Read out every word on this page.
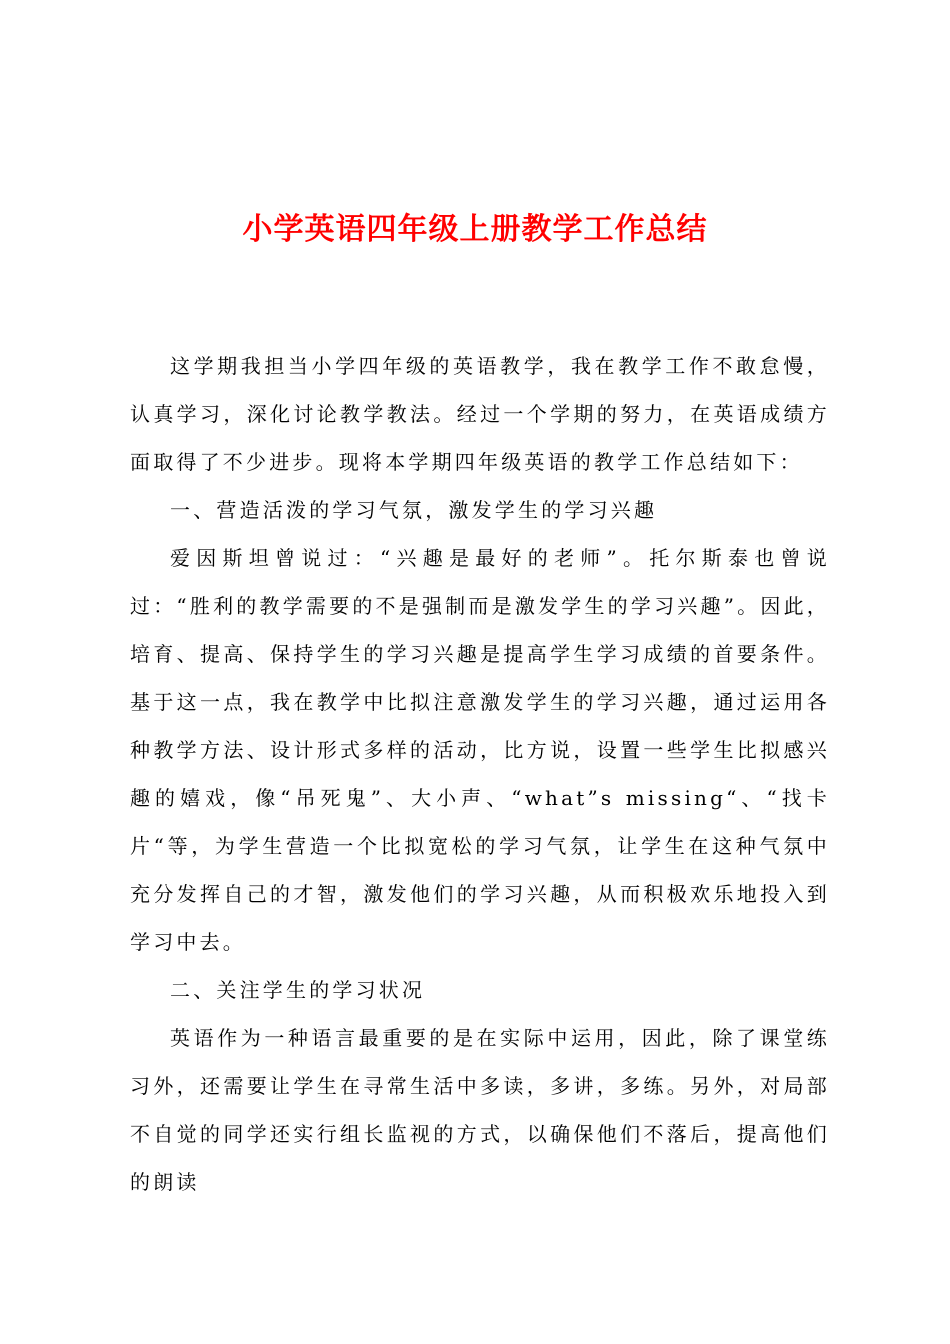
小学英语四年级上册教学工作总结

这学期我担当小学四年级的英语教学，我在教学工作不敢怠慢，认真学习，深化讨论教学教法。经过一个学期的努力，在英语成绩方面取得了不少进步。现将本学期四年级英语的教学工作总结如下：

一、营造活泼的学习气氛，激发学生的学习兴趣

爱因斯坦曾说过：“兴趣是最好的老师”。托尔斯泰也曾说过：“胜利的教学需要的不是强制而是激发学生的学习兴趣”。因此，培育、提高、保持学生的学习兴趣是提高学生学习成绩的首要条件。基于这一点，我在教学中比拟注意激发学生的学习兴趣，通过运用各种教学方法、设计形式多样的活动，比方说，设置一些学生比拟感兴趣的嬉戏，像“吊死鬼”、大小声、“what”s missing“、“找卡片“等，为学生营造一个比拟宽松的学习气氛，让学生在这种气氛中充分发挥自己的才智，激发他们的学习兴趣，从而积极欢乐地投入到学习中去。

二、关注学生的学习状况

英语作为一种语言最重要的是在实际中运用，因此，除了课堂练习外，还需要让学生在寻常生活中多读，多讲，多练。另外，对局部不自觉的同学还实行组长监视的方式，以确保他们不落后，提高他们的朗读
